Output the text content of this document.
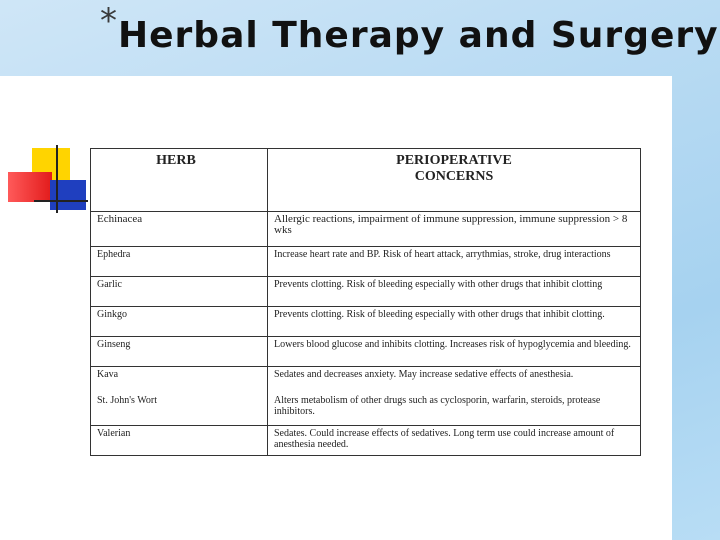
* Herbal Therapy and Surgery
HERB	PERIOPERATIVE CONCERNS
Echinacea	Allergic reactions, impairment of immune suppression, immune suppression > 8 wks
Ephedra	Increase heart rate and BP. Risk of heart attack, arrythmias, stroke, drug interactions
Garlic	Prevents clotting. Risk of bleeding especially with other drugs that inhibit clotting
Ginkgo	Prevents clotting. Risk of bleeding especially with other drugs that inhibit clotting.
Ginseng	Lowers blood glucose and inhibits clotting. Increases risk of hypoglycemia and bleeding.
Kava	Sedates and decreases anxiety. May increase sedative effects of anesthesia.
St. John's Wort	Alters metabolism of other drugs such as cyclosporin, warfarin, steroids, protease inhibitors.
Valerian	Sedates. Could increase effects of sedatives. Long term use could increase amount of anesthesia needed.
